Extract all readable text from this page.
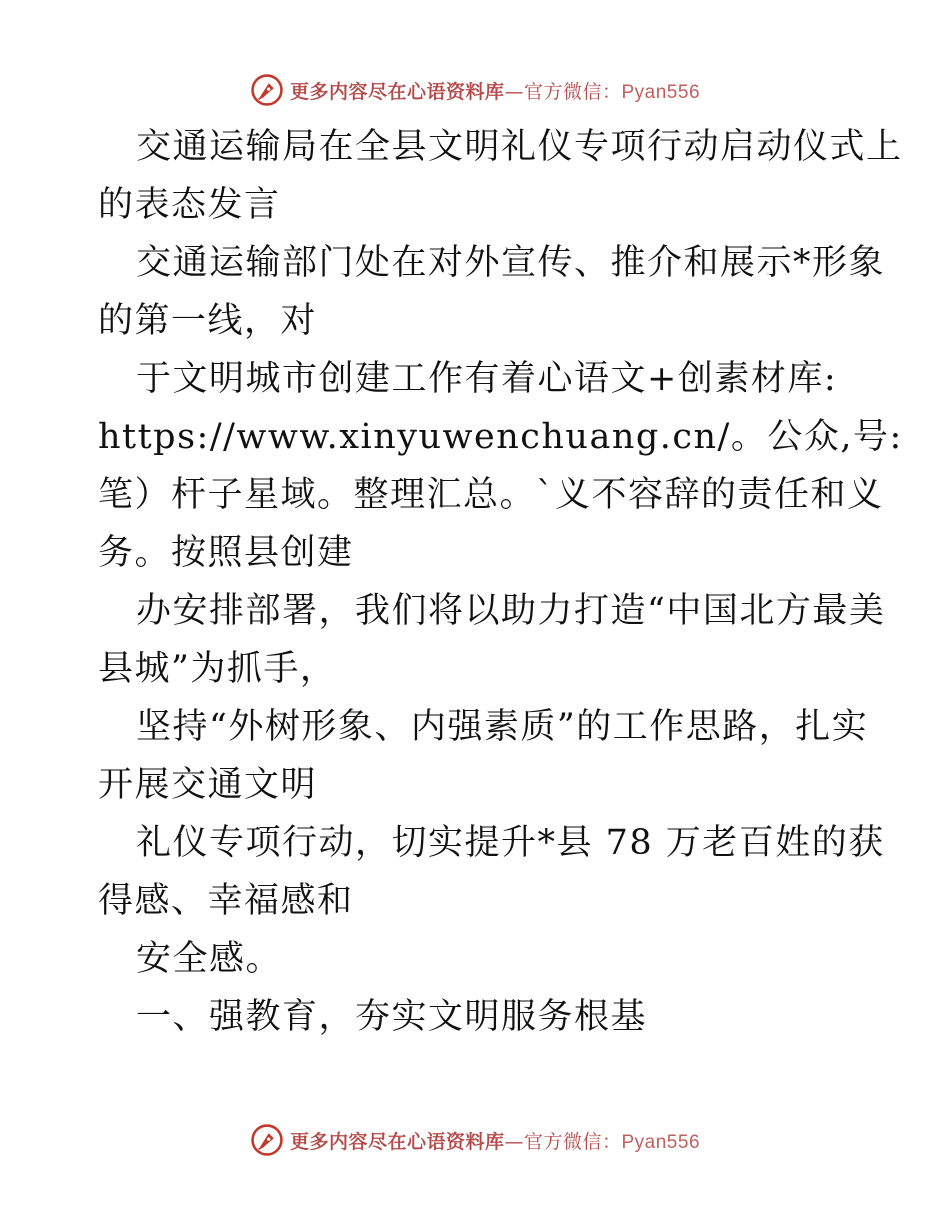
更多内容尽在心语资料库 — 官方微信： Pyan556
交通运输局在全县文明礼仪专项行动启动仪式上
的表态发言
交通运输部门处在对外宣传、推介和展示*形象
的第一线，对
于文明城市创建工作有着心语文+创素材库:
https://www.xinyuwenchuang.cn/。公众,号:
笔）杆子星域。整理汇总。`义不容辞的责任和义
务。按照县创建
办安排部署，我们将以助力打造“中国北方最美
县城”为抓手，
坚持“外树形象、内强素质”的工作思路，扎实
开展交通文明
礼仪专项行动，切实提升*县 78 万老百姓的获
得感、幸福感和
安全感。
一、强教育，夯实文明服务根基
更多内容尽在心语资料库 — 官方微信： Pyan556
